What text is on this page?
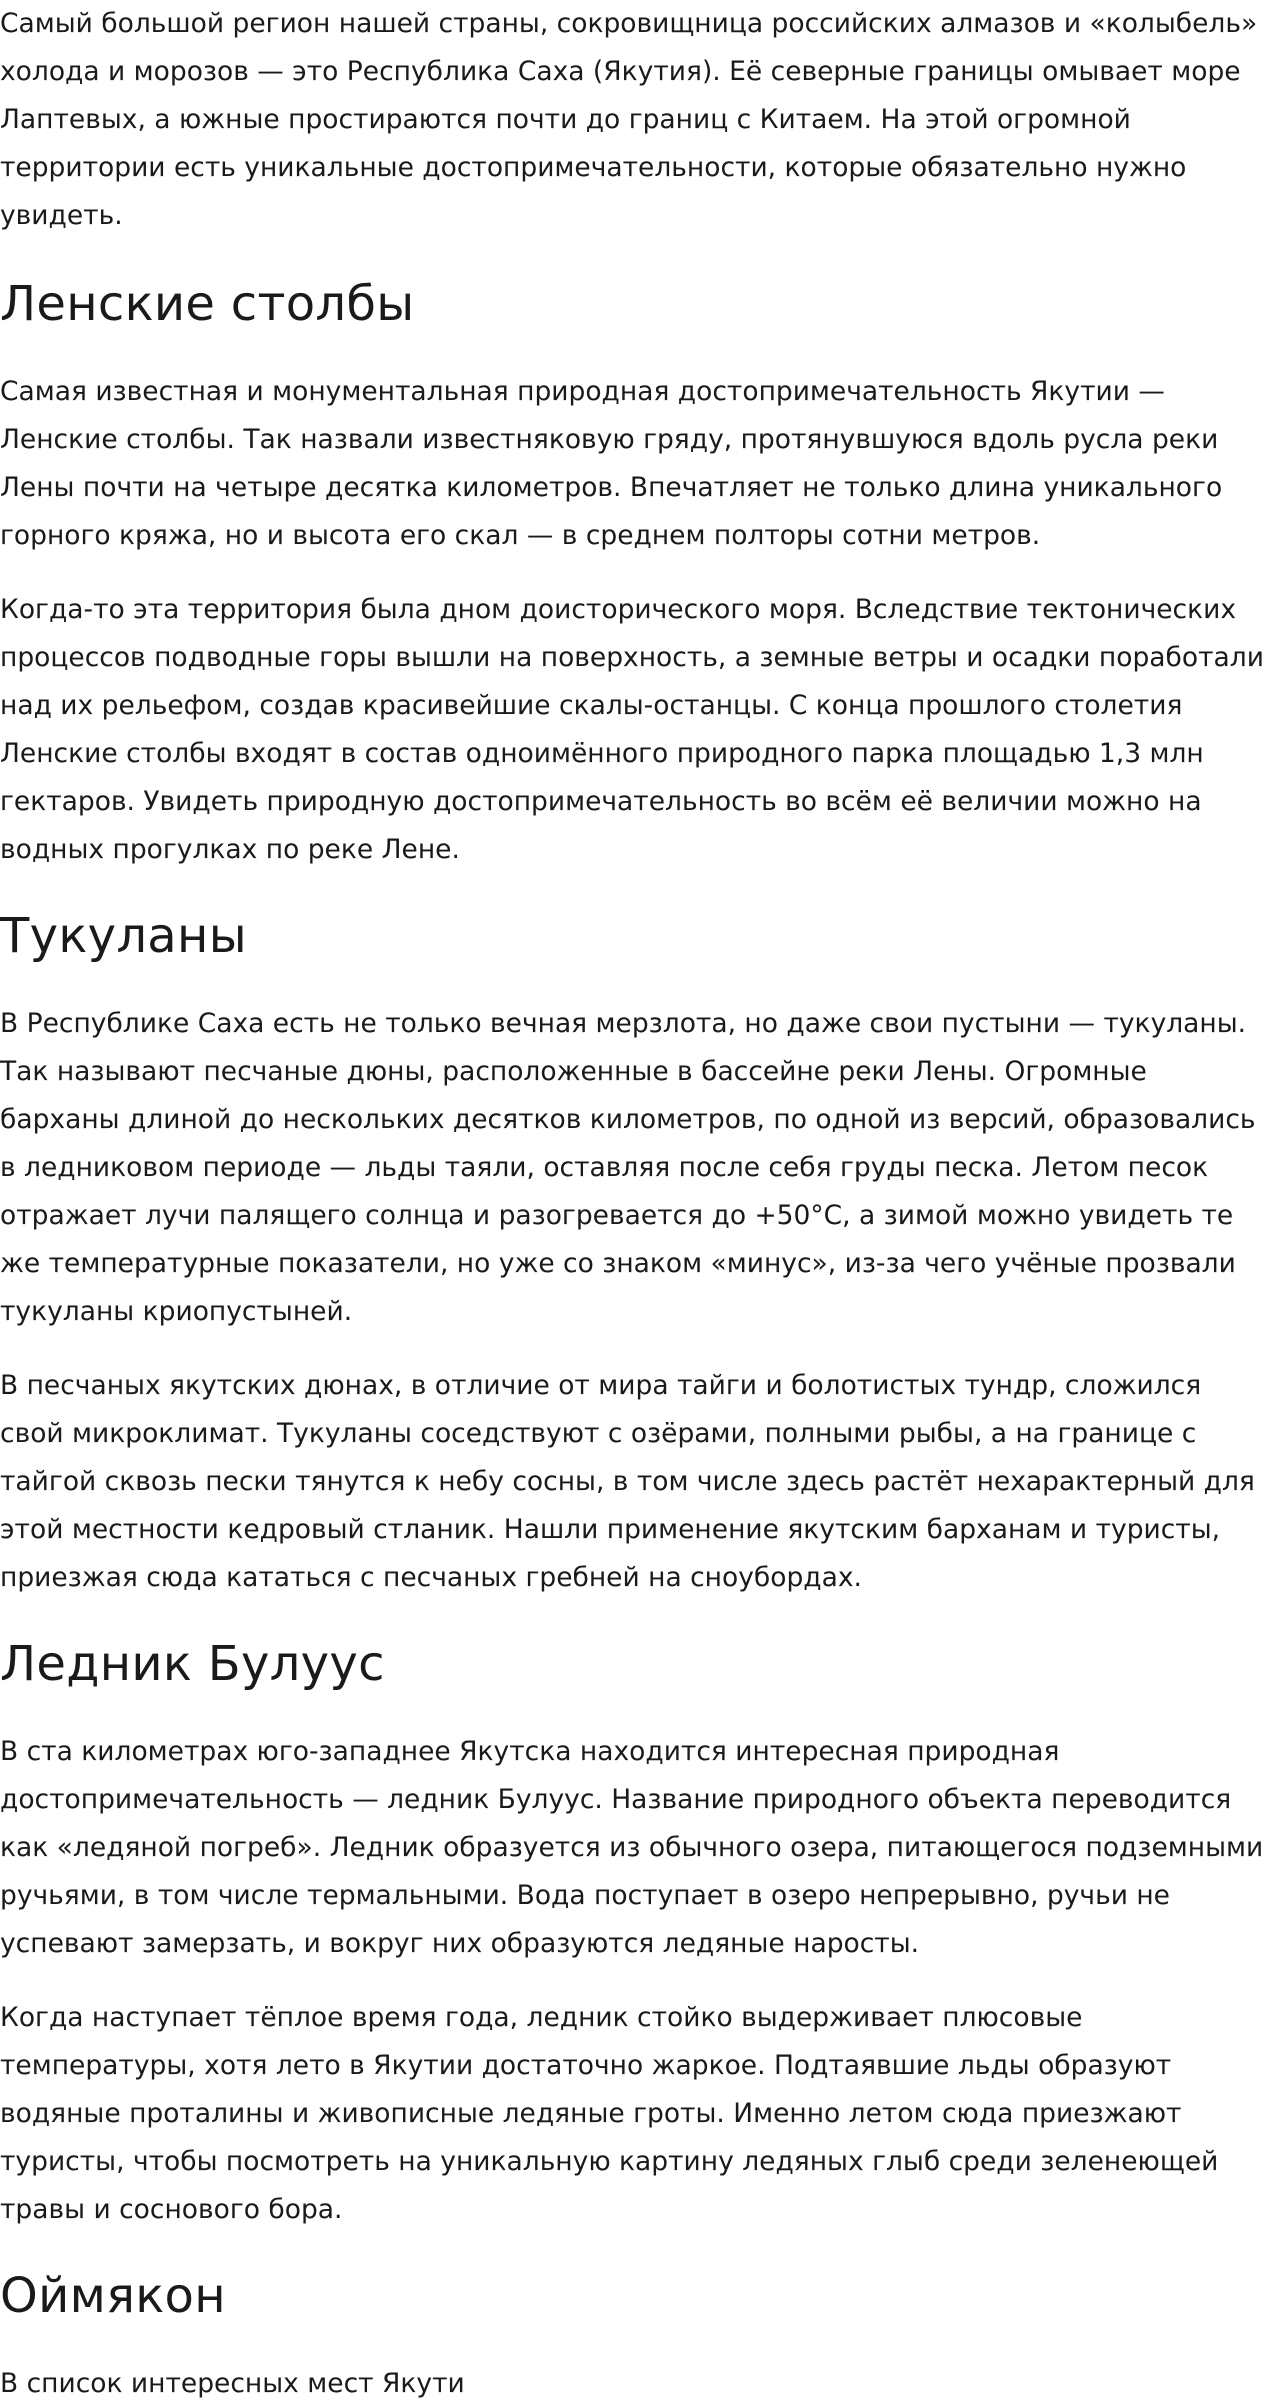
Самый большой регион нашей страны, сокровищница российских алмазов и «колыбель» холода и морозов — это Республика Саха (Якутия). Её северные границы омывает море Лаптевых, а южные простираются почти до границ с Китаем. На этой огромной территории есть уникальные достопримечательности, которые обязательно нужно увидеть.

Ленские столбы

Самая известная и монументальная природная достопримечательность Якутии — Ленские столбы. Так назвали известняковую гряду, протянувшуюся вдоль русла реки Лены почти на четыре десятка километров. Впечатляет не только длина уникального горного кряжа, но и высота его скал — в среднем полторы сотни метров.

Когда-то эта территория была дном доисторического моря. Вследствие тектонических процессов подводные горы вышли на поверхность, а земные ветры и осадки поработали над их рельефом, создав красивейшие скалы-останцы. С конца прошлого столетия Ленские столбы входят в состав одноимённого природного парка площадью 1,3 млн гектаров. Увидеть природную достопримечательность во всём её величии можно на водных прогулках по реке Лене.

Тукуланы

В Республике Саха есть не только вечная мерзлота, но даже свои пустыни — тукуланы. Так называют песчаные дюны, расположенные в бассейне реки Лены. Огромные барханы длиной до нескольких десятков километров, по одной из версий, образовались в ледниковом периоде — льды таяли, оставляя после себя груды песка. Летом песок отражает лучи палящего солнца и разогревается до +50°С, а зимой можно увидеть те же температурные показатели, но уже со знаком «минус», из-за чего учёные прозвали тукуланы криопустыней.

В песчаных якутских дюнах, в отличие от мира тайги и болотистых тундр, сложился свой микроклимат. Тукуланы соседствуют с озёрами, полными рыбы, а на границе с тайгой сквозь пески тянутся к небу сосны, в том числе здесь растёт нехарактерный для этой местности кедровый стланик. Нашли применение якутским барханам и туристы, приезжая сюда кататься с песчаных гребней на сноубордах.

Ледник Булуус

В ста километрах юго-западнее Якутска находится интересная природная достопримечательность — ледник Булуус. Название природного объекта переводится как «ледяной погреб». Ледник образуется из обычного озера, питающегося подземными ручьями, в том числе термальными. Вода поступает в озеро непрерывно, ручьи не успевают замерзать, и вокруг них образуются ледяные наросты.

Когда наступает тёплое время года, ледник стойко выдерживает плюсовые температуры, хотя лето в Якутии достаточно жаркое. Подтаявшие льды образуют водяные проталины и живописные ледяные гроты. Именно летом сюда приезжают туристы, чтобы посмотреть на уникальную картину ледяных глыб среди зеленеющей травы и соснового бора.

Оймякон

В список интересных мест Якути
